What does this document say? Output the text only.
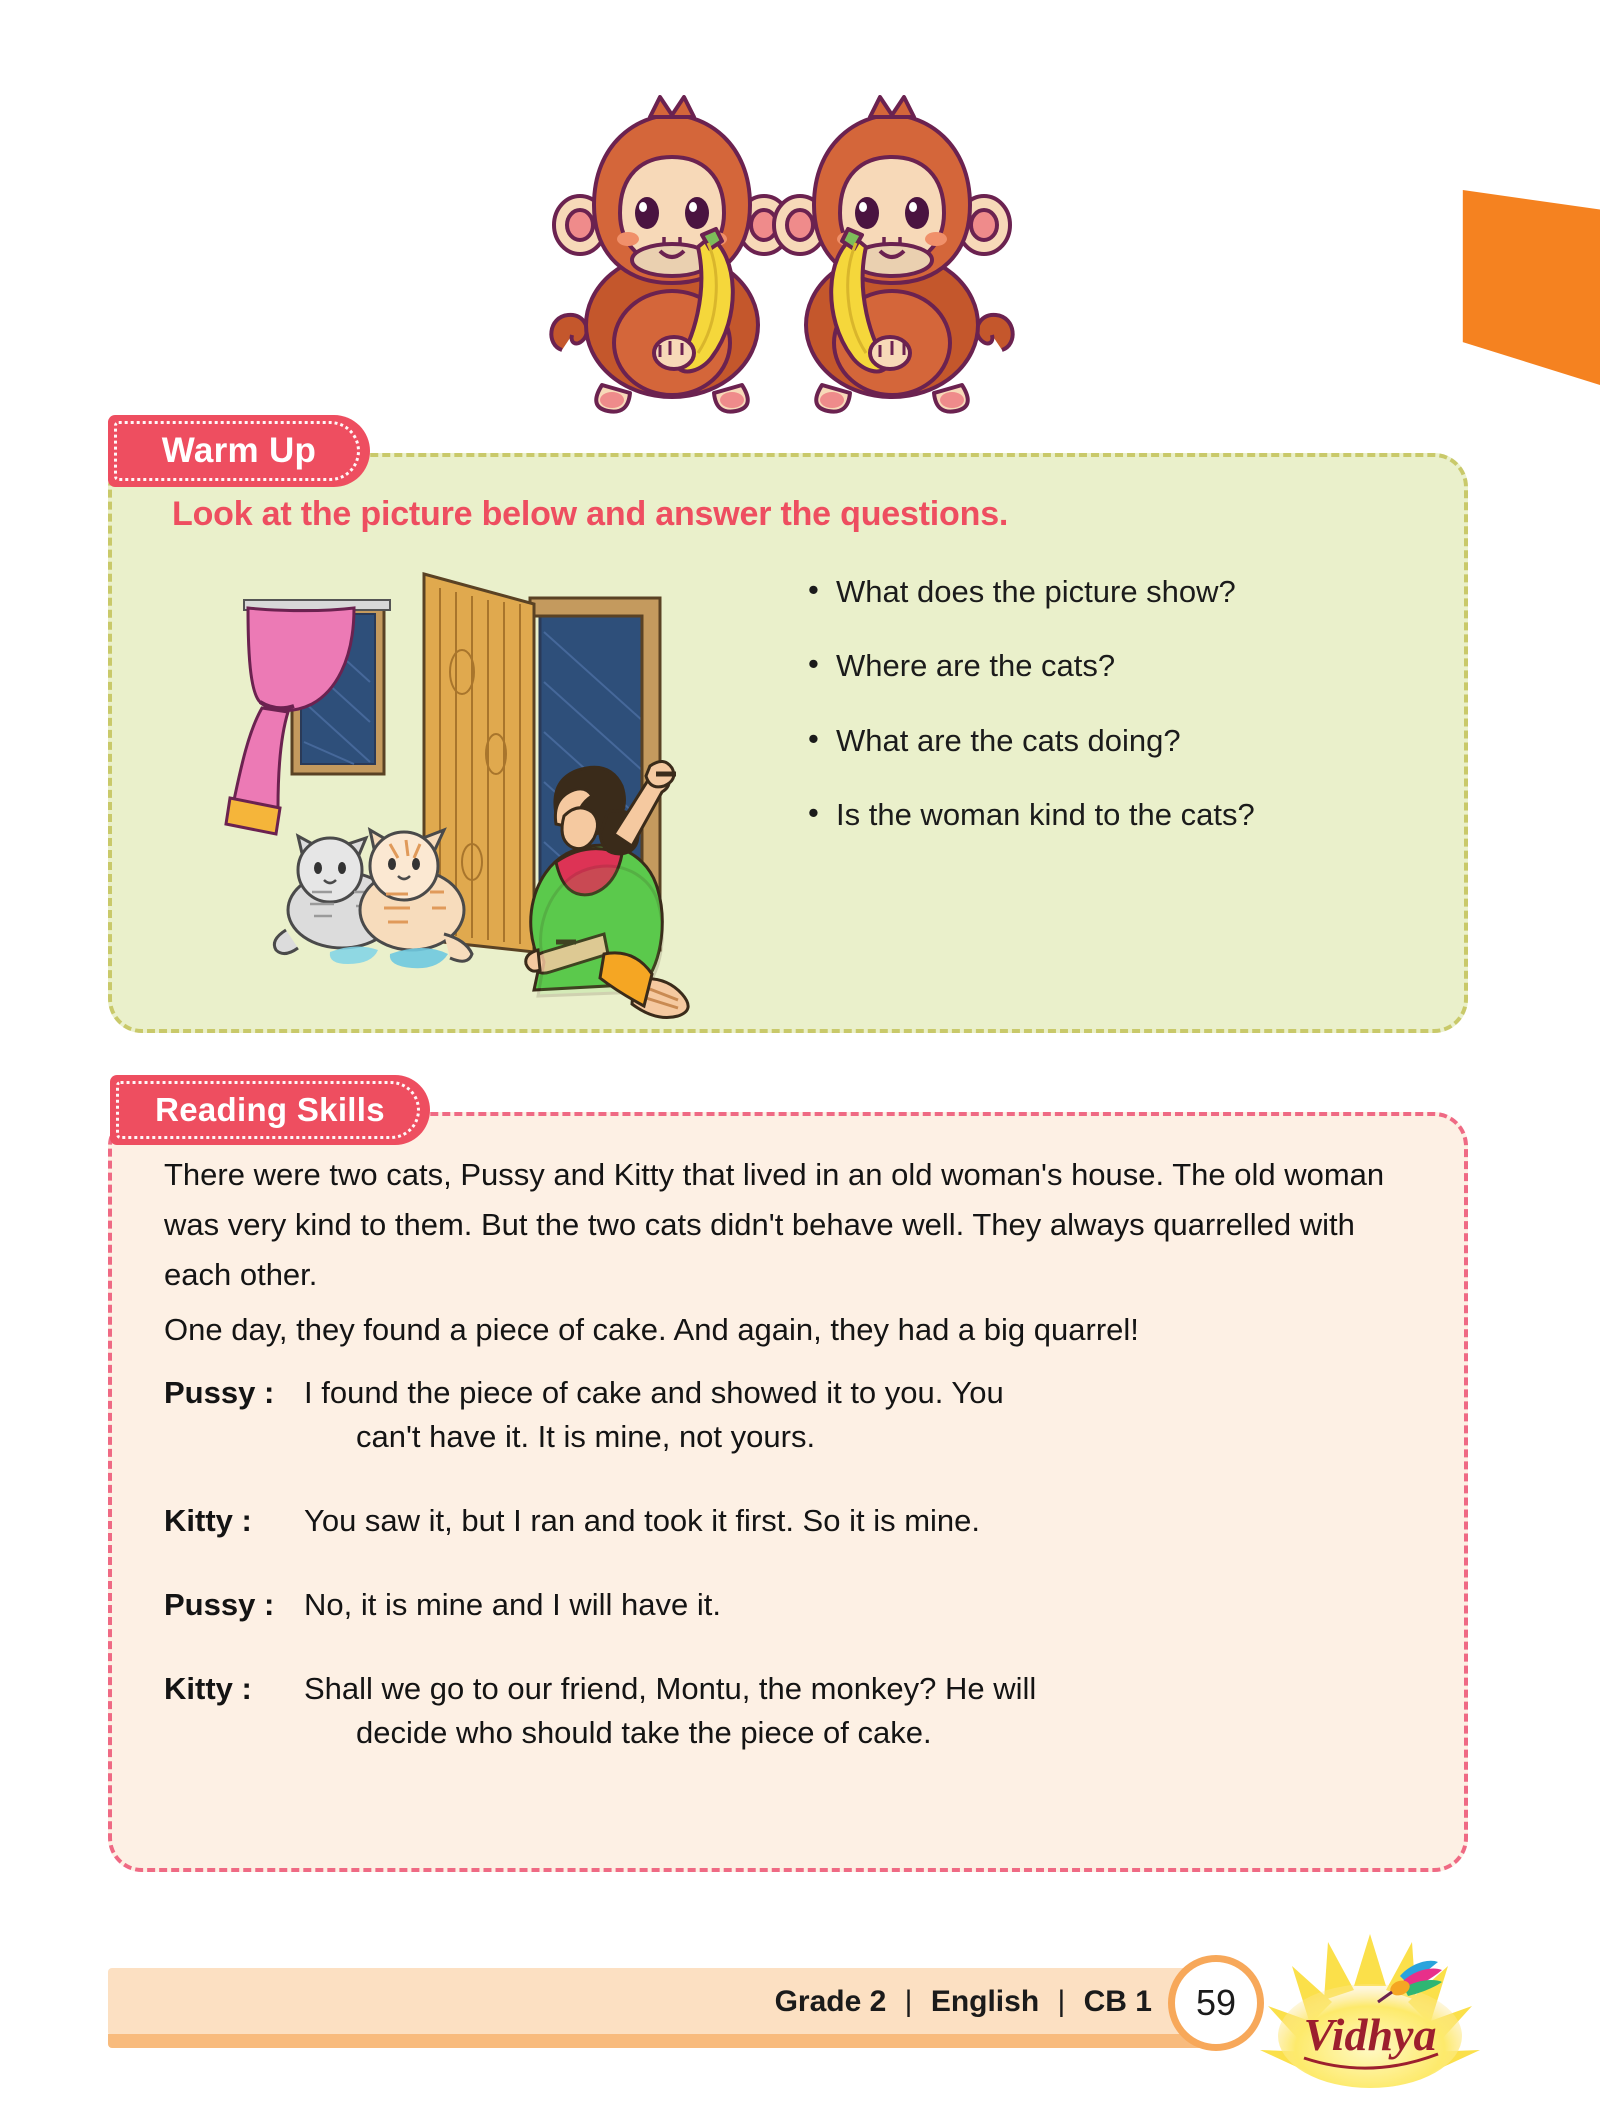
Look at the picture below and answer the questions.
• What does the picture show?
• Where are the cats?
• What are the cats doing?
• Is the woman kind to the cats?
Warm Up

There were two cats, Pussy and Kitty that lived in an old woman's house. The old woman was very kind to them. But the two cats didn't behave well. They always quarrelled with each other.

One day, they found a piece of cake. And again, they had a big quarrel!

Pussy : I found the piece of cake and showed it to you. You
can't have it. It is mine, not yours.
Kitty :	You saw it, but I ran and took it first. So it is mine.
Pussy : No, it is mine and I will have it.
Kitty :	Shall we go to our friend, Montu, the monkey? He will
decide who should take the piece of cake.
Reading Skills
Grade 2 | English | CB 1	59
Vidhya
